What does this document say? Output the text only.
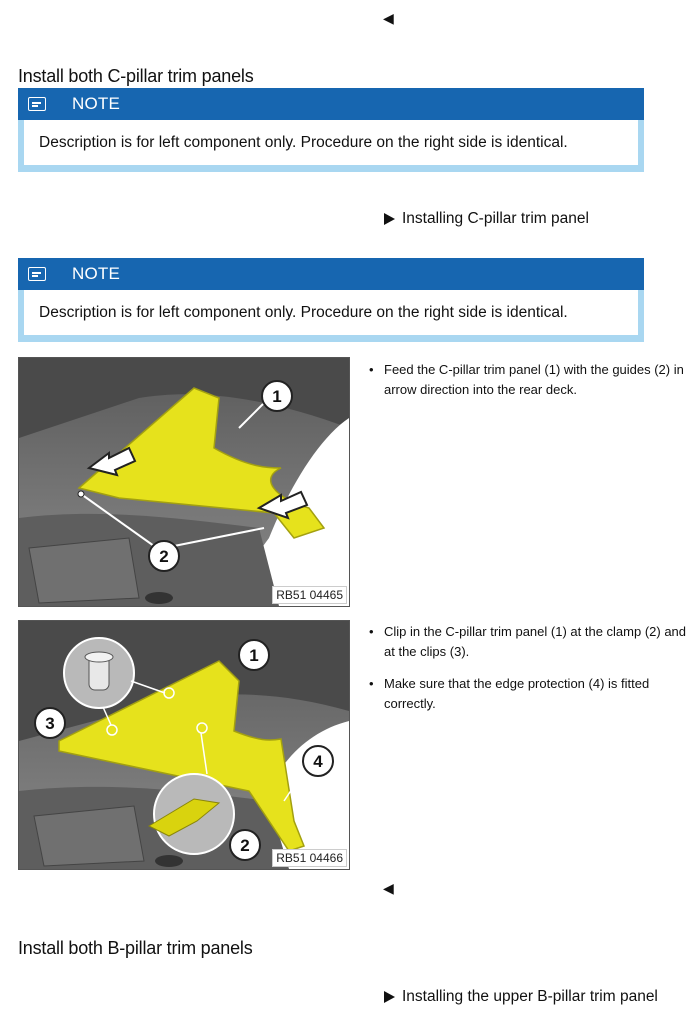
◀
Install both C-pillar trim panels
NOTE
Description is for left component only. Procedure on the right side is identical.
Installing C-pillar trim panel
NOTE
Description is for left component only. Procedure on the right side is identical.
1
2
RB51 04465
• Feed the C-pillar trim panel (1) with the guides (2) in arrow direction into the rear deck.
1
2
3
4
RB51 04466
• Clip in the C-pillar trim panel (1) at the clamp (2) and at the clips (3).
• Make sure that the edge protection (4) is fitted correctly.
◀
Install both B-pillar trim panels
Installing the upper B-pillar trim panel
